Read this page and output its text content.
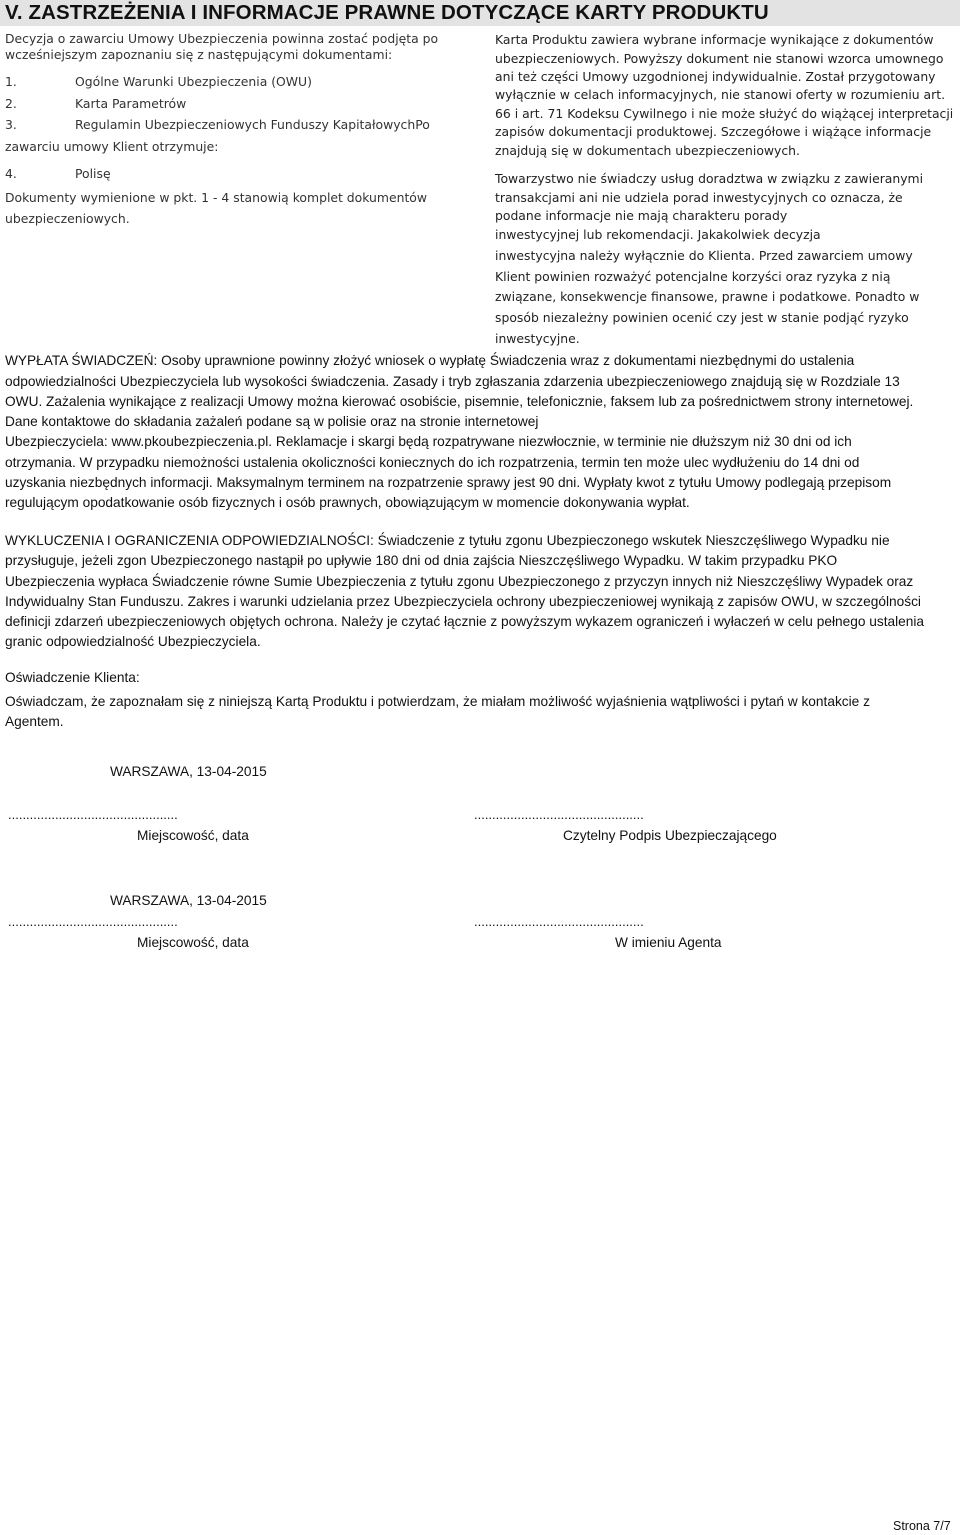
V. ZASTRZEŻENIA I INFORMACJE PRAWNE DOTYCZĄCE KARTY PRODUKTU
Decyzja o zawarciu Umowy Ubezpieczenia powinna zostać podjęta po
wcześniejszym zapoznaniu się z następującymi dokumentami:
1.	Ogólne Warunki Ubezpieczenia (OWU)
2.	Karta Parametrów
3.	Regulamin Ubezpieczeniowych Funduszy KapitałowychPo
zawarciu umowy Klient otrzymuje:
4.	Polisę
Dokumenty wymienione w pkt. 1 - 4 stanowią komplet dokumentów
ubezpieczeniowych.
Karta Produktu zawiera wybrane informacje wynikające z dokumentów
ubezpieczeniowych. Powyższy dokument nie stanowi wzorca umownego
ani też części Umowy uzgodnionej indywidualnie. Został przygotowany
wyłącznie w celach informacyjnych, nie stanowi oferty w rozumieniu art.
66 i art. 71 Kodeksu Cywilnego i nie może służyć do wiążącej interpretacji
zapisów dokumentacji produktowej. Szczegółowe i wiążące informacje
znajdują się w dokumentach ubezpieczeniowych.
Towarzystwo nie świadczy usług doradztwa w związku z zawieranymi
transakcjami ani nie udziela porad inwestycyjnych co oznacza, że
podane informacje nie mają charakteru porady
inwestycyjnej lub rekomendacji. Jakakolwiek decyzja
inwestycyjna należy wyłącznie do Klienta. Przed zawarciem umowy
Klient powinien rozważyć potencjalne korzyści oraz ryzyka z nią
związane, konsekwencje finansowe, prawne i podatkowe. Ponadto w
sposób niezależny powinien ocenić czy jest w stanie podjąć ryzyko
inwestycyjne.
WYPŁATA ŚWIADCZEŃ: Osoby uprawnione powinny złożyć wniosek o wypłatę Świadczenia wraz z dokumentami niezbędnymi do ustalenia
odpowiedzialności Ubezpieczyciela lub wysokości świadczenia. Zasady i tryb zgłaszania zdarzenia ubezpieczeniowego znajdują się w Rozdziale 13
OWU. Zażalenia wynikające z realizacji Umowy można kierować osobiście, pisemnie, telefonicznie, faksem lub za pośrednictwem strony internetowej.
Dane kontaktowe do składania zażaleń podane są w polisie oraz na stronie internetowej
Ubezpieczyciela: www.pkoubezpieczenia.pl. Reklamacje i skargi będą rozpatrywane niezwłocznie, w terminie nie dłuższym niż 30 dni od ich
otrzymania. W przypadku niemożności ustalenia okoliczności koniecznych do ich rozpatrzenia, termin ten może ulec wydłużeniu do 14 dni od
uzyskania niezbędnych informacji. Maksymalnym terminem na rozpatrzenie sprawy jest 90 dni. Wypłaty kwot z tytułu Umowy podlegają przepisom
regulującym opodatkowanie osób fizycznych i osób prawnych, obowiązującym w momencie dokonywania wypłat.
WYKLUCZENIA I OGRANICZENIA ODPOWIEDZIALNOŚCI: Świadczenie z tytułu zgonu Ubezpieczonego wskutek Nieszczęśliwego Wypadku nie
przysługuje, jeżeli zgon Ubezpieczonego nastąpił po upływie 180 dni od dnia zajścia Nieszczęśliwego Wypadku. W takim przypadku PKO
Ubezpieczenia wypłaca Świadczenie równe Sumie Ubezpieczenia z tytułu zgonu Ubezpieczonego z przyczyn innych niż Nieszczęśliwy Wypadek oraz
Indywidualny Stan Funduszu. Zakres i warunki udzielania przez Ubezpieczyciela ochrony ubezpieczeniowej wynikają z zapisów OWU, w szczególności
definicji zdarzeń ubezpieczeniowych objętych ochrona. Należy je czytać łącznie z powyższym wykazem ograniczeń i wyłaczeń w celu pełnego ustalenia
granic odpowiedzialność Ubezpieczyciela.
Oświadczenie Klienta:
Oświadczam, że zapoznałam się z niniejszą Kartą Produktu i potwierdzam, że miałam możliwość wyjaśnienia wątpliwości i pytań w kontakcie z
Agentem.
WARSZAWA, 13-04-2015
...............................................	...............................................
Miejscowość, data	Czytelny Podpis Ubezpieczającego
WARSZAWA, 13-04-2015
...............................................	...............................................
Miejscowość, data	W imieniu Agenta
Strona 7/7
